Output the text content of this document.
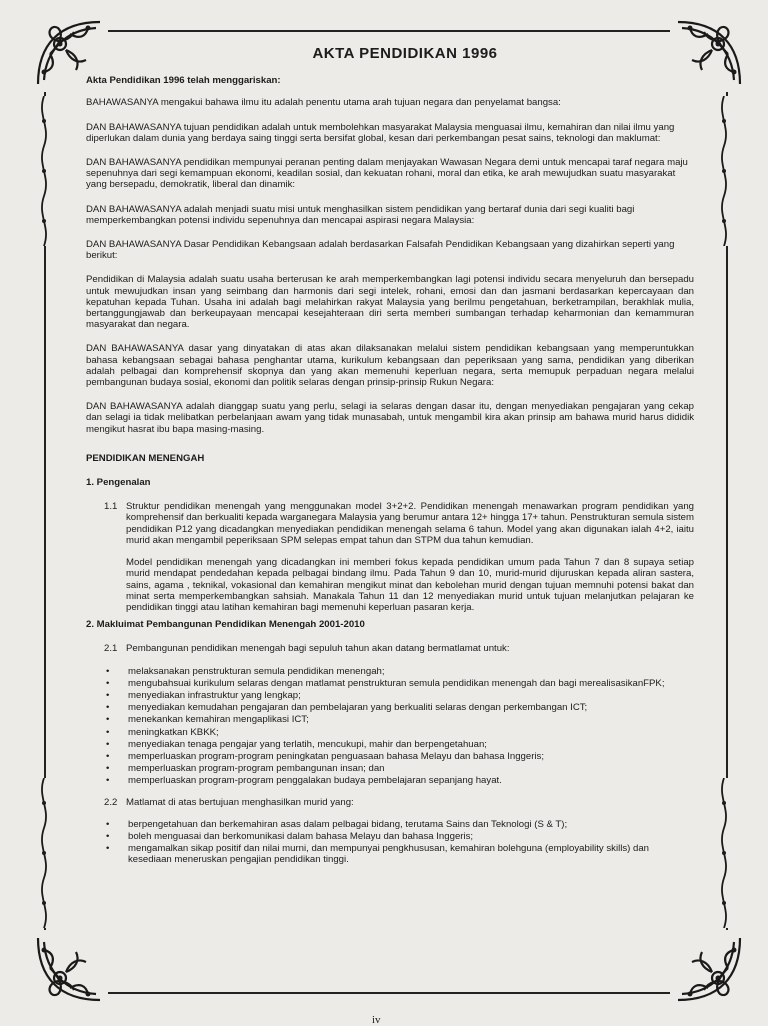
AKTA PENDIDIKAN 1996
Akta Pendidikan 1996 telah menggariskan:

BAHAWASANYA mengakui bahawa ilmu itu adalah penentu utama arah tujuan negara dan penyelamat bangsa:

DAN BAHAWASANYA tujuan pendidikan adalah untuk membolehkan masyarakat Malaysia menguasai ilmu, kemahiran dan nilai ilmu yang diperlukan dalam dunia yang berdaya saing tinggi serta bersifat global, kesan dari perkembangan pesat sains, teknologi dan maklumat:

DAN BAHAWASANYA pendidikan mempunyai peranan penting dalam menjayakan Wawasan Negara demi untuk mencapai taraf negara maju sepenuhnya dari segi kemampuan ekonomi, keadilan sosial, dan kekuatan rohani, moral dan etika, ke arah mewujudkan suatu masyarakat yang bersepadu, demokratik, liberal dan dinamik:

DAN BAHAWASANYA adalah menjadi suatu misi untuk menghasilkan sistem pendidikan yang bertaraf dunia dari segi kualiti bagi memperkembangkan potensi individu sepenuhnya dan mencapai aspirasi negara Malaysia:

DAN BAHAWASANYA Dasar Pendidikan Kebangsaan adalah berdasarkan Falsafah Pendidikan Kebangsaan yang dizahirkan seperti yang berikut:

Pendidikan di Malaysia adalah suatu usaha berterusan ke arah memperkembangkan lagi potensi individu secara menyeluruh dan bersepadu untuk mewujudkan insan yang seimbang dan harmonis dari segi intelek, rohani, emosi dan dan jasmani berdasarkan kepercayaan dan kepatuhan kepada Tuhan. Usaha ini adalah bagi melahirkan rakyat Malaysia yang berilmu pengetahuan, berketrampilan, berakhlak mulia, bertanggungjawab dan berkeupayaan mencapai kesejahteraan diri serta memberi sumbangan terhadap keharmonian dan kemammuran masyarakat dan negara.

DAN BAHAWASANYA dasar yang dinyatakan di atas akan dilaksanakan melalui sistem pendidikan kebangsaan yang memperuntukkan bahasa kebangsaan sebagai bahasa penghantar utama, kurikulum kebangsaan dan peperiksaan yang sama, pendidikan yang diberikan adalah pelbagai dan komprehensif skopnya dan yang akan memenuhi keperluan negara, serta memupuk perpaduan negara melalui pembangunan budaya sosial, ekonomi dan politik selaras dengan prinsip-prinsip Rukun Negara:

DAN BAHAWASANYA adalah dianggap suatu yang perlu, selagi ia selaras dengan dasar itu, dengan menyediakan pengajaran yang cekap dan selagi ia tidak melibatkan perbelanjaan awam yang tidak munasabah, untuk mengambil kira akan prinsip am bahawa murid harus dididik mengikut hasrat ibu bapa masing-masing.

PENDIDIKAN MENENGAH
1. Pengenalan
1.1 Struktur pendidikan menengah yang menggunakan model 3+2+2. Pendidikan menengah menawarkan program pendidikan yang komprehensif dan berkualiti kepada warganegara Malaysia yang berumur antara 12+ hingga 17+ tahun. Penstrukturan semula sistem pendidikan P12 yang dicadangkan menyediakan pendidikan menengah selama 6 tahun. Model yang akan digunakan ialah 4+2, iaitu murid akan mengambil peperiksaan SPM selepas empat tahun dan STPM dua tahun kemudian.

Model pendidikan menengah yang dicadangkan ini memberi fokus kepada pendidikan umum pada Tahun 7 dan 8 supaya setiap murid mendapat pendedahan kepada pelbagai bindang ilmu. Pada Tahun 9 dan 10, murid-murid dijuruskan kepada aliran sastera, sains, agama , teknikal, vokasional dan kemahiran mengikut minat dan kebolehan murid dengan tujuan memnuhi potensi bakat dan minat serta memperkembangkan sahsiah. Manakala Tahun 11 dan 12 menyediakan murid untuk tujuan melanjutkan pelajaran ke pendidikan tinggi atau latihan kemahiran bagi memenuhi keperluan pasaran kerja.

2. Makluimat Pembangunan Pendidikan Menengah 2001-2010
2.1 Pembangunan pendidikan menengah bagi sepuluh tahun akan datang bermatlamat untuk:
•	melaksanakan penstrukturan semula pendidikan menengah;
•	mengubahsuai kurikulum selaras dengan matlamat penstrukturan semula pendidikan menengah dan bagi merealisasikanFPK;
•	menyediakan infrastruktur yang lengkap;
•	menyediakan kemudahan pengajaran dan pembelajaran yang berkualiti selaras dengan perkembangan ICT;
•	menekankan kemahiran mengaplikasi ICT;
•	meningkatkan KBKK;
•	menyediakan tenaga pengajar yang terlatih, mencukupi, mahir dan berpengetahuan;
•	memperluaskan program-program peningkatan penguasaan bahasa Melayu dan bahasa Inggeris;
•	memperluaskan program-program pembangunan insan; dan
•	memperluaskan program-program penggalakan budaya pembelajaran sepanjang hayat.
2.2 Matlamat di atas bertujuan menghasilkan murid yang:
•	berpengetahuan dan berkemahiran asas dalam pelbagai bidang, terutama Sains dan Teknologi (S & T);
•	boleh menguasai dan berkomunikasi dalam bahasa Melayu dan bahasa Inggeris;
•	mengamalkan sikap positif dan nilai murni, dan mempunyai pengkhususan, kemahiran bolehguna (employability skills) dan kesediaan meneruskan pengajian pendidikan tinggi.
iv
